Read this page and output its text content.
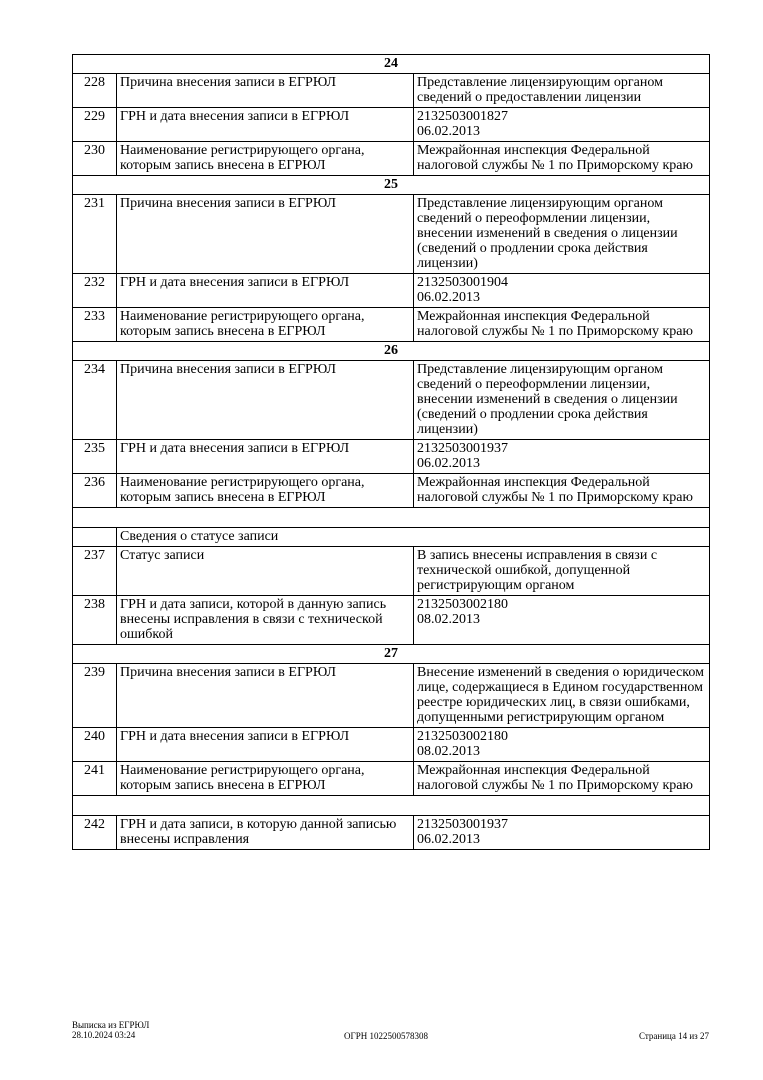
24		
228	Причина внесения записи в ЕГРЮЛ	Представление лицензирующим органом сведений о предоставлении лицензии
229	ГРН и дата внесения записи в ЕГРЮЛ	2132503001827
06.02.2013
230	Наименование регистрирующего органа, которым запись внесена в ЕГРЮЛ	Межрайонная инспекция Федеральной налоговой службы № 1 по Приморскому краю
25		
231	Причина внесения записи в ЕГРЮЛ	Представление лицензирующим органом сведений о переоформлении лицензии, внесении изменений в сведения о лицензии (сведений о продлении срока действия лицензии)
232	ГРН и дата внесения записи в ЕГРЮЛ	2132503001904
06.02.2013
233	Наименование регистрирующего органа, которым запись внесена в ЕГРЮЛ	Межрайонная инспекция Федеральной налоговой службы № 1 по Приморскому краю
26		
234	Причина внесения записи в ЕГРЮЛ	Представление лицензирующим органом сведений о переоформлении лицензии, внесении изменений в сведения о лицензии (сведений о продлении срока действия лицензии)
235	ГРН и дата внесения записи в ЕГРЮЛ	2132503001937
06.02.2013
236	Наименование регистрирующего органа, которым запись внесена в ЕГРЮЛ	Межрайонная инспекция Федеральной налоговой службы № 1 по Приморскому краю

	Сведения о статусе записи	
237	Статус записи	В запись внесены исправления в связи с технической ошибкой, допущенной регистрирующим органом
238	ГРН и дата записи, которой в данную запись внесены исправления в связи с технической ошибкой	2132503002180
08.02.2013
27		
239	Причина внесения записи в ЕГРЮЛ	Внесение изменений в сведения о юридическом лице, содержащиеся в Едином государственном реестре юридических лиц, в связи ошибками, допущенными регистрирующим органом
240	ГРН и дата внесения записи в ЕГРЮЛ	2132503002180
08.02.2013
241	Наименование регистрирующего органа, которым запись внесена в ЕГРЮЛ	Межрайонная инспекция Федеральной налоговой службы № 1 по Приморскому краю

242	ГРН и дата записи, в которую данной записью внесены исправления	2132503001937
06.02.2013
Выписка из ЕГРЮЛ
28.10.2024 03:24	ОГРН 1022500578308	Страница 14 из 27
